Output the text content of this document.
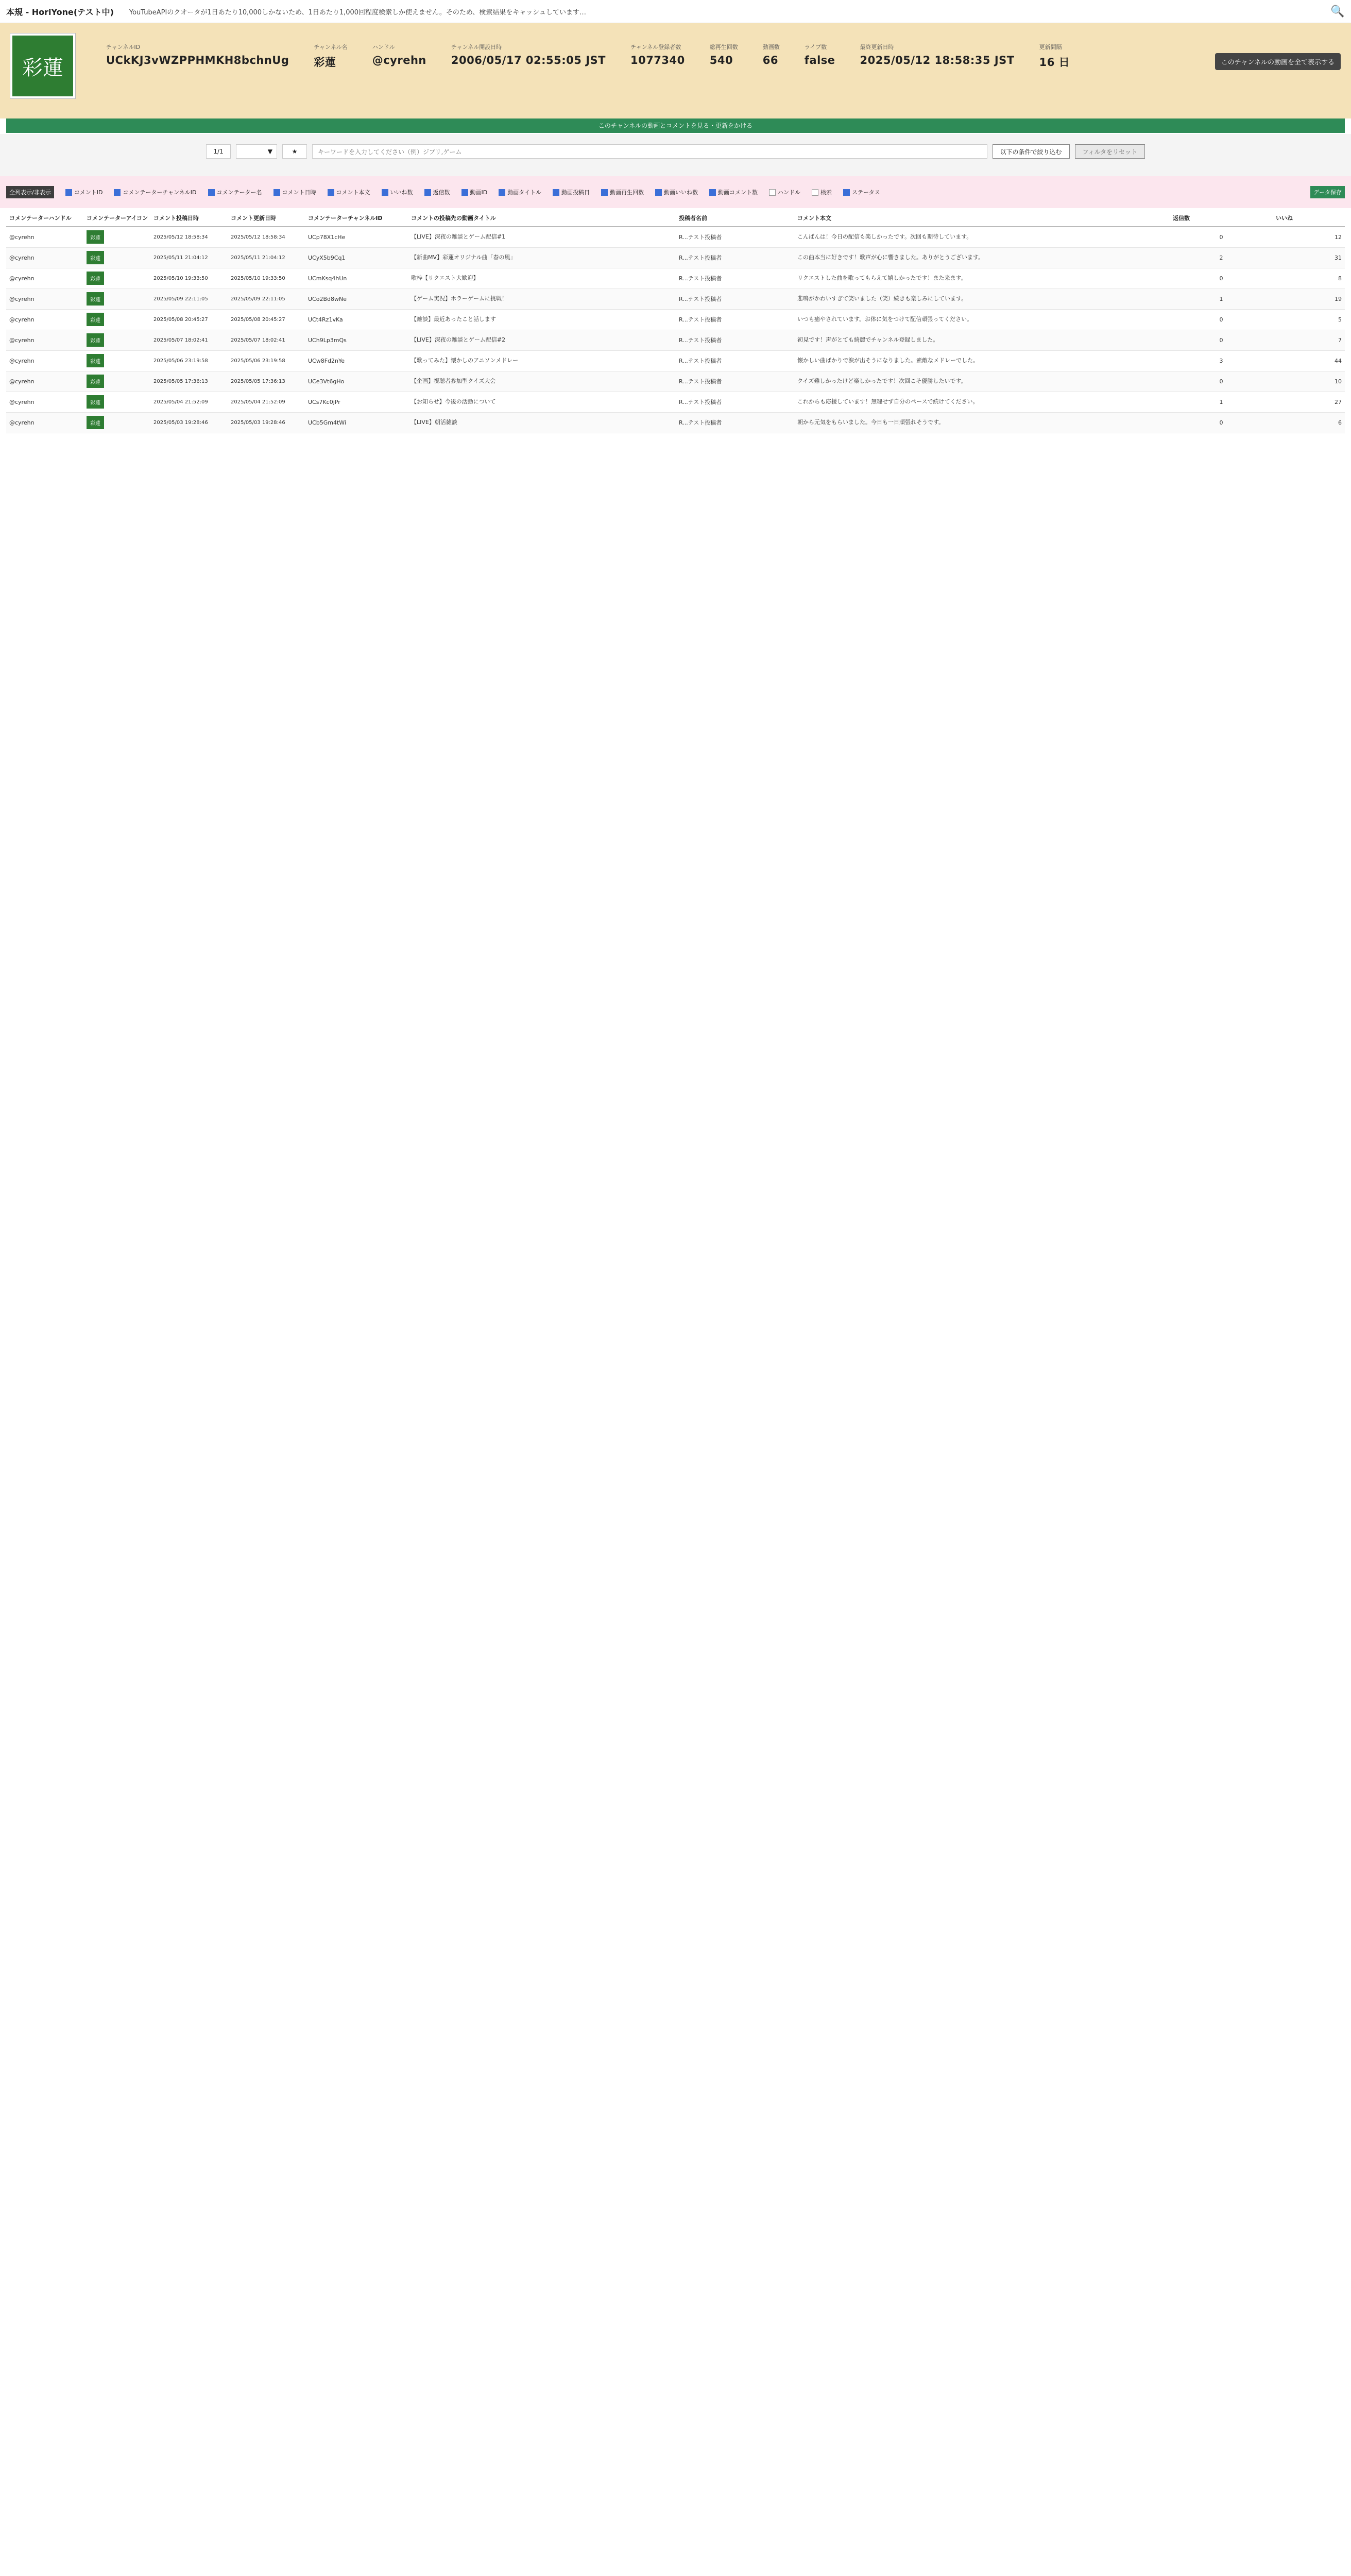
本規 - HoriYone(テスト中) YouTubeAPIのクオータが1日あたり10,000しかないため、1日あたり1,000回程度検索しか使えません。そのため、検索結果をキャッシュしています…	🔍
彩蓮
チャンネルID
UCkKJ3vWZPPHMKH8bchnUg
チャンネル名
彩蓮
ハンドル
@cyrehn
チャンネル開設日時
2006/05/17 02:55:05 JST
チャンネル登録者数
1077340
総再生回数
540
動画数
66
ライブ数
false
最終更新日時
2025/05/12 18:58:35 JST
更新間隔
16 日	このチャンネルの動画を全て表示する
このチャンネルの動画とコメントを見る・更新をかける
1/1	▼	★	キーワードを入力してください（例）ジブリ,ゲーム	以下の条件で絞り込む	フィルタをリセット
全列表示/非表示	コメントID	コメンテーターチャンネルID	コメンテーター名	コメント日時	コメント本文	いいね数	返信数	動画ID	動画タイトル	動画投稿日	動画再生回数	動画いいね数	動画コメント数	ハンドル	検索	ステータス	データ保存
コメンテーターハンドル	コメンテーターアイコン	コメント投稿日時	コメント更新日時	コメンテーターチャンネルID	コメントの投稿先の動画タイトル	投稿者名前	コメント本文	返信数	いいね
@cyrehn	彩蓮	2025/05/12 18:58:34	2025/05/12 18:58:34	UCp78X1cHe	【LIVE】深夜の雑談とゲーム配信#1	R...テスト投稿者	こんばんは！今日の配信も楽しかったです。次回も期待しています。	0	12
@cyrehn	彩蓮	2025/05/11 21:04:12	2025/05/11 21:04:12	UCyX5b9Cq1	【新曲MV】彩蓮オリジナル曲「春の風」	R...テスト投稿者	この曲本当に好きです！歌声が心に響きました。ありがとうございます。	2	31
@cyrehn	彩蓮	2025/05/10 19:33:50	2025/05/10 19:33:50	UCmKsq4hUn	歌枠【リクエスト大歓迎】	R...テスト投稿者	リクエストした曲を歌ってもらえて嬉しかったです！また来ます。	0	8
@cyrehn	彩蓮	2025/05/09 22:11:05	2025/05/09 22:11:05	UCo2Bd8wNe	【ゲーム実況】ホラーゲームに挑戦！	R...テスト投稿者	悲鳴がかわいすぎて笑いました（笑）続きも楽しみにしています。	1	19
@cyrehn	彩蓮	2025/05/08 20:45:27	2025/05/08 20:45:27	UCt4Rz1vKa	【雑談】最近あったこと話します	R...テスト投稿者	いつも癒やされています。お体に気をつけて配信頑張ってください。	0	5
@cyrehn	彩蓮	2025/05/07 18:02:41	2025/05/07 18:02:41	UCh9Lp3mQs	【LIVE】深夜の雑談とゲーム配信#2	R...テスト投稿者	初見です！声がとても綺麗でチャンネル登録しました。	0	7
@cyrehn	彩蓮	2025/05/06 23:19:58	2025/05/06 23:19:58	UCw8Fd2nYe	【歌ってみた】懐かしのアニソンメドレー	R...テスト投稿者	懐かしい曲ばかりで涙が出そうになりました。素敵なメドレーでした。	3	44
@cyrehn	彩蓮	2025/05/05 17:36:13	2025/05/05 17:36:13	UCe3Vt6gHo	【企画】視聴者参加型クイズ大会	R...テスト投稿者	クイズ難しかったけど楽しかったです！次回こそ優勝したいです。	0	10
@cyrehn	彩蓮	2025/05/04 21:52:09	2025/05/04 21:52:09	UCs7Kc0jPr	【お知らせ】今後の活動について	R...テスト投稿者	これからも応援しています！無理せず自分のペースで続けてください。	1	27
@cyrehn	彩蓮	2025/05/03 19:28:46	2025/05/03 19:28:46	UCb5Gm4tWi	【LIVE】朝活雑談	R...テスト投稿者	朝から元気をもらいました。今日も一日頑張れそうです。	0	6
